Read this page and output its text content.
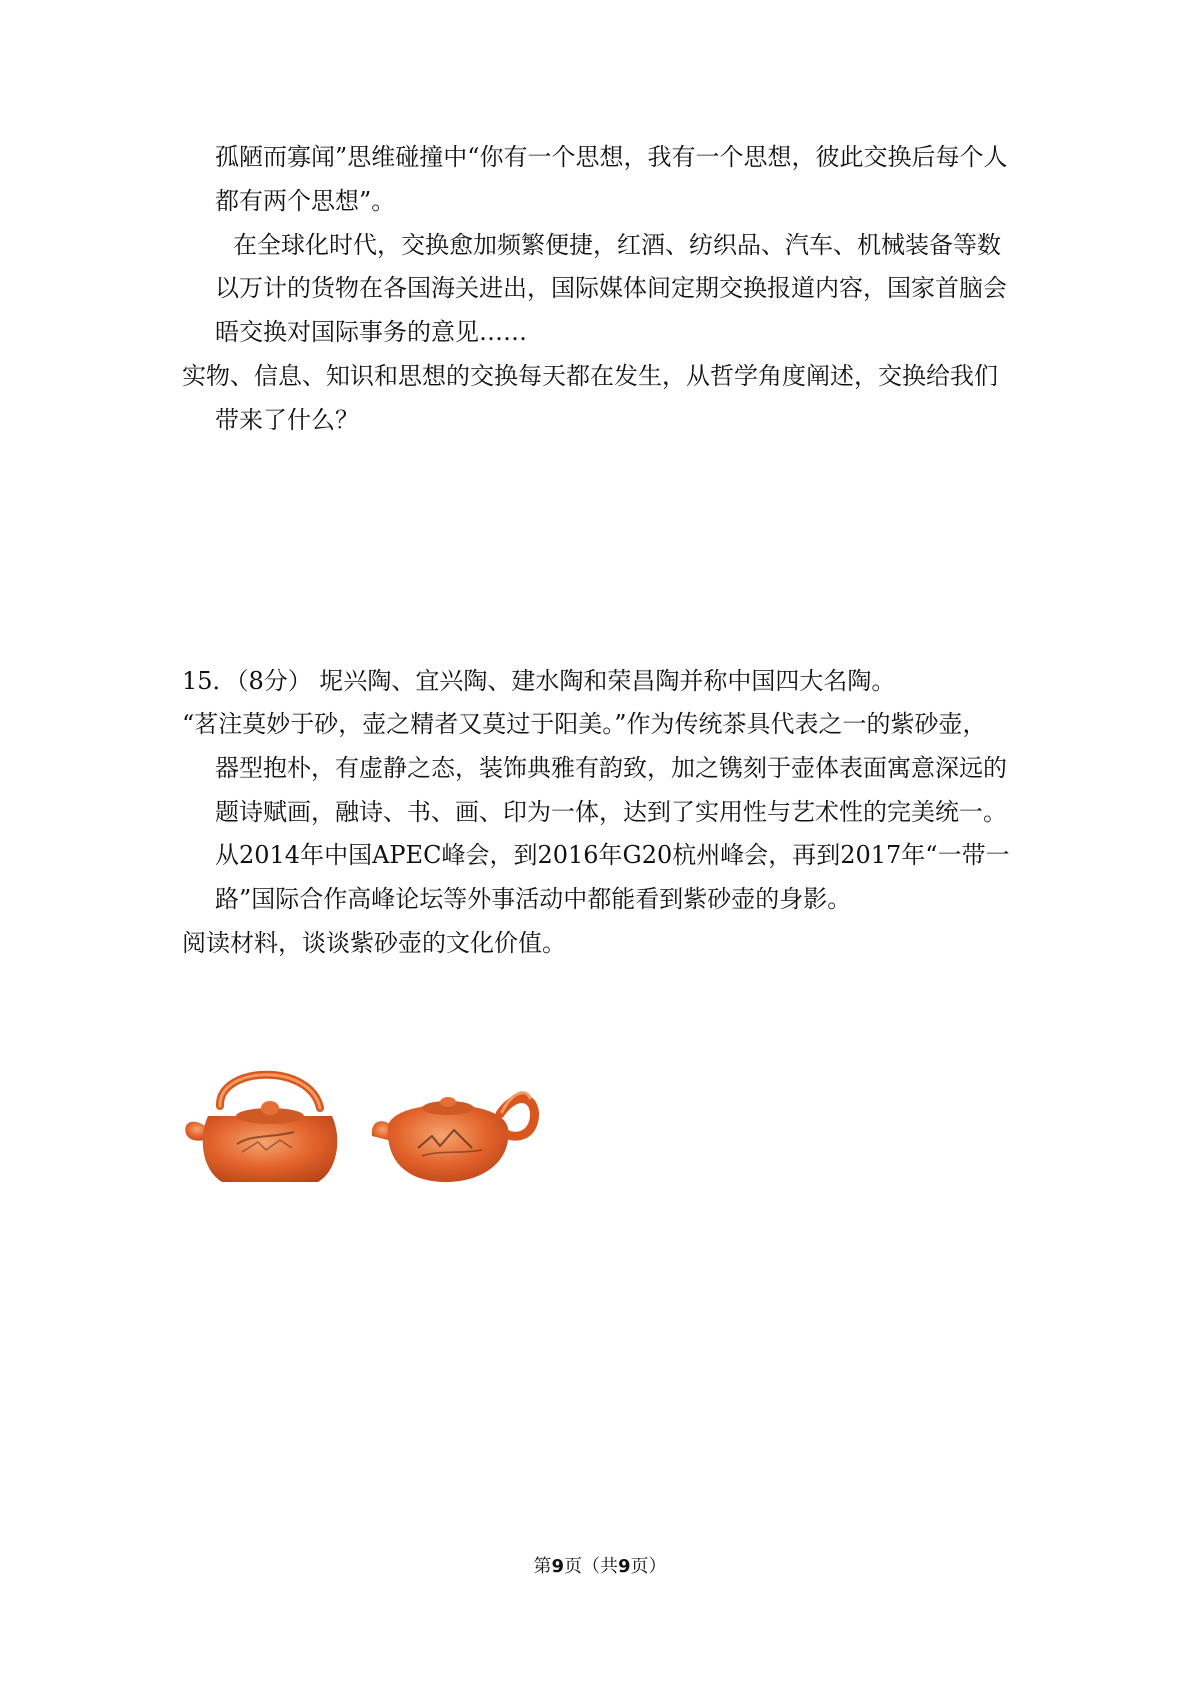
孤陋而寡闻”思维碰撞中“你有一个思想，我有一个思想，彼此交换后每个人
都有两个思想”。
在全球化时代，交换愈加频繁便捷，红酒、纺织品、汽车、机械装备等数
以万计的货物在各国海关进出，国际媒体间定期交换报道内容，国家首脑会
晤交换对国际事务的意见……
实物、信息、知识和思想的交换每天都在发生，从哲学角度阐述，交换给我们
带来了什么？
15．（8分） 坭兴陶、宜兴陶、建水陶和荣昌陶并称中国四大名陶。
“茗注莫妙于砂，壶之精者又莫过于阳美。”作为传统茶具代表之一的紫砂壶，
器型抱朴，有虚静之态，装饰典雅有韵致，加之镌刻于壶体表面寓意深远的
题诗赋画，融诗、书、画、印为一体，达到了实用性与艺术性的完美统一。
从2014年中国APEC峰会，到2016年G20杭州峰会，再到2017年“一带一
路”国际合作高峰论坛等外事活动中都能看到紫砂壶的身影。
阅读材料，谈谈紫砂壶的文化价值。
第9页（共9页）
